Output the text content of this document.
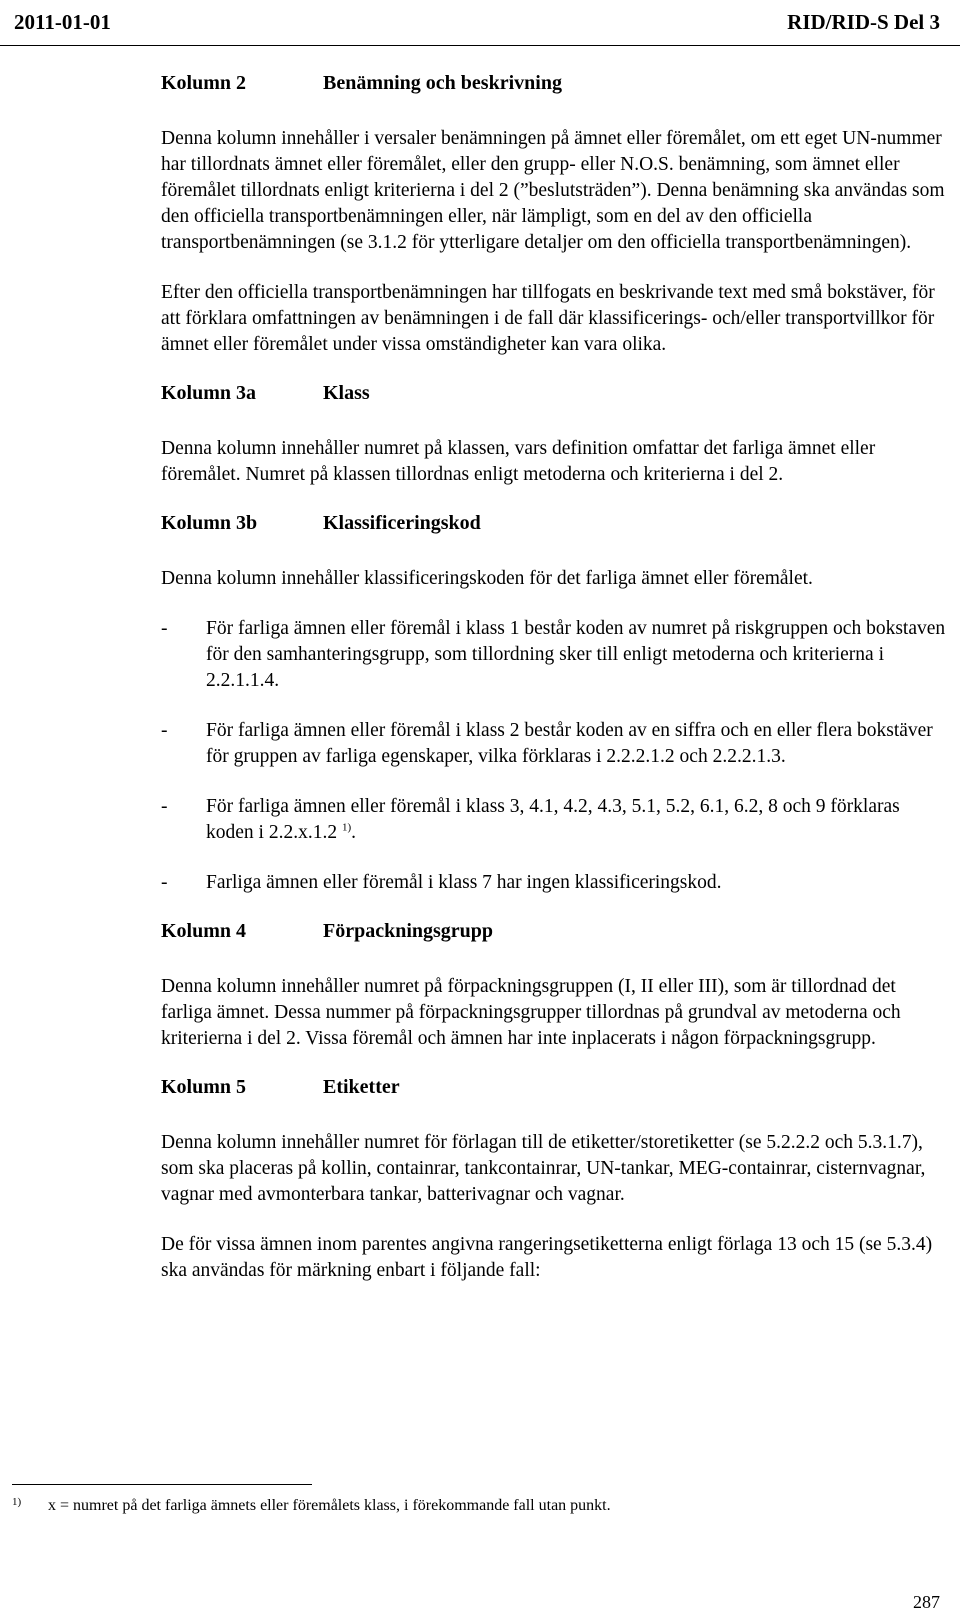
2011-01-01	RID/RID-S Del 3
Kolumn 2	Benämning och beskrivning

Denna kolumn innehåller i versaler benämningen på ämnet eller föremålet, om ett eget UN-nummer har tillordnats ämnet eller föremålet, eller den grupp- eller N.O.S. benämning, som ämnet eller föremålet tillordnats enligt kriterierna i del 2 (”beslutsträden”). Denna benämning ska användas som den officiella transportbenämningen eller, när lämpligt, som en del av den officiella transportbenämningen (se 3.1.2 för ytterligare detaljer om den officiella transportbenämningen).

Efter den officiella transportbenämningen har tillfogats en beskrivande text med små bokstäver, för att förklara omfattningen av benämningen i de fall där klassificerings- och/eller transportvillkor för ämnet eller föremålet under vissa omständigheter kan vara olika.

Kolumn 3a	Klass

Denna kolumn innehåller numret på klassen, vars definition omfattar det farliga ämnet eller föremålet. Numret på klassen tillordnas enligt metoderna och kriterierna i del 2.

Kolumn 3b	Klassificeringskod

Denna kolumn innehåller klassificeringskoden för det farliga ämnet eller föremålet.

- För farliga ämnen eller föremål i klass 1 består koden av numret på riskgruppen och bokstaven för den samhanteringsgrupp, som tillordning sker till enligt metoderna och kriterierna i 2.2.1.1.4.
- För farliga ämnen eller föremål i klass 2 består koden av en siffra och en eller flera bokstäver för gruppen av farliga egenskaper, vilka förklaras i 2.2.2.1.2 och 2.2.2.1.3.
- För farliga ämnen eller föremål i klass 3, 4.1, 4.2, 4.3, 5.1, 5.2, 6.1, 6.2, 8 och 9 förklaras koden i 2.2.x.1.2 $^{1)}$.
- Farliga ämnen eller föremål i klass 7 har ingen klassificeringskod.
Kolumn 4	Förpackningsgrupp

Denna kolumn innehåller numret på förpackningsgruppen (I, II eller III), som är tillordnad det farliga ämnet. Dessa nummer på förpackningsgrupper tillordnas på grundval av metoderna och kriterierna i del 2. Vissa föremål och ämnen har inte inplacerats i någon förpackningsgrupp.

Kolumn 5	Etiketter

Denna kolumn innehåller numret för förlagan till de etiketter/storetiketter (se 5.2.2.2 och 5.3.1.7), som ska placeras på kollin, containrar, tankcontainrar, UN-tankar, MEG-containrar, cisternvagnar, vagnar med avmonterbara tankar, batterivagnar och vagnar.

De för vissa ämnen inom parentes angivna rangeringsetiketterna enligt förlaga 13 och 15 (se 5.3.4) ska användas för märkning enbart i följande fall:

1) x = numret på det farliga ämnets eller föremålets klass, i förekommande fall utan punkt.
287
